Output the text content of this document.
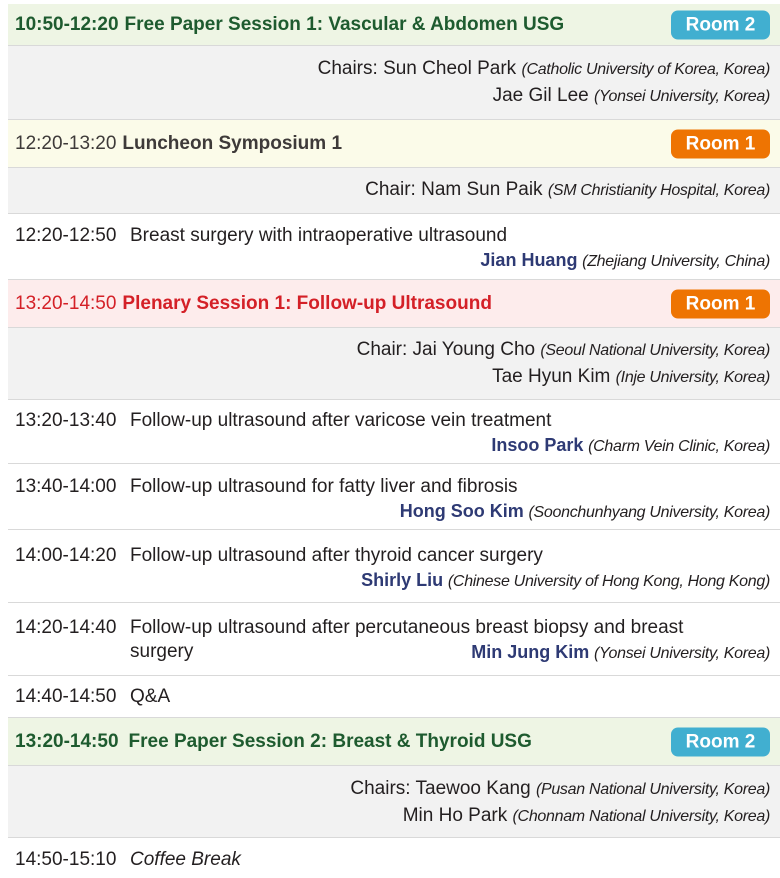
10:50-12:20 Free Paper Session 1: Vascular & Abdomen USG	Room 2
Chairs: Sun Cheol Park (Catholic University of Korea, Korea)
Jae Gil Lee (Yonsei University, Korea)
12:20-13:20 Luncheon Symposium 1	Room 1
Chair: Nam Sun Paik (SM Christianity Hospital, Korea)
12:20-12:50 Breast surgery with intraoperative ultrasound
Jian Huang (Zhejiang University, China)
13:20-14:50 Plenary Session 1: Follow-up Ultrasound	Room 1
Chair: Jai Young Cho (Seoul National University, Korea)
Tae Hyun Kim (Inje University, Korea)
13:20-13:40 Follow-up ultrasound after varicose vein treatment
Insoo Park (Charm Vein Clinic, Korea)
13:40-14:00 Follow-up ultrasound for fatty liver and fibrosis
Hong Soo Kim (Soonchunhyang University, Korea)
14:00-14:20 Follow-up ultrasound after thyroid cancer surgery
Shirly Liu (Chinese University of Hong Kong, Hong Kong)
14:20-14:40 Follow-up ultrasound after percutaneous breast biopsy and breast
surgery	Min Jung Kim (Yonsei University, Korea)
14:40-14:50 Q&A
13:20-14:50 Free Paper Session 2: Breast & Thyroid USG	Room 2
Chairs: Taewoo Kang (Pusan National University, Korea)
Min Ho Park (Chonnam National University, Korea)
14:50-15:10 Coffee Break
